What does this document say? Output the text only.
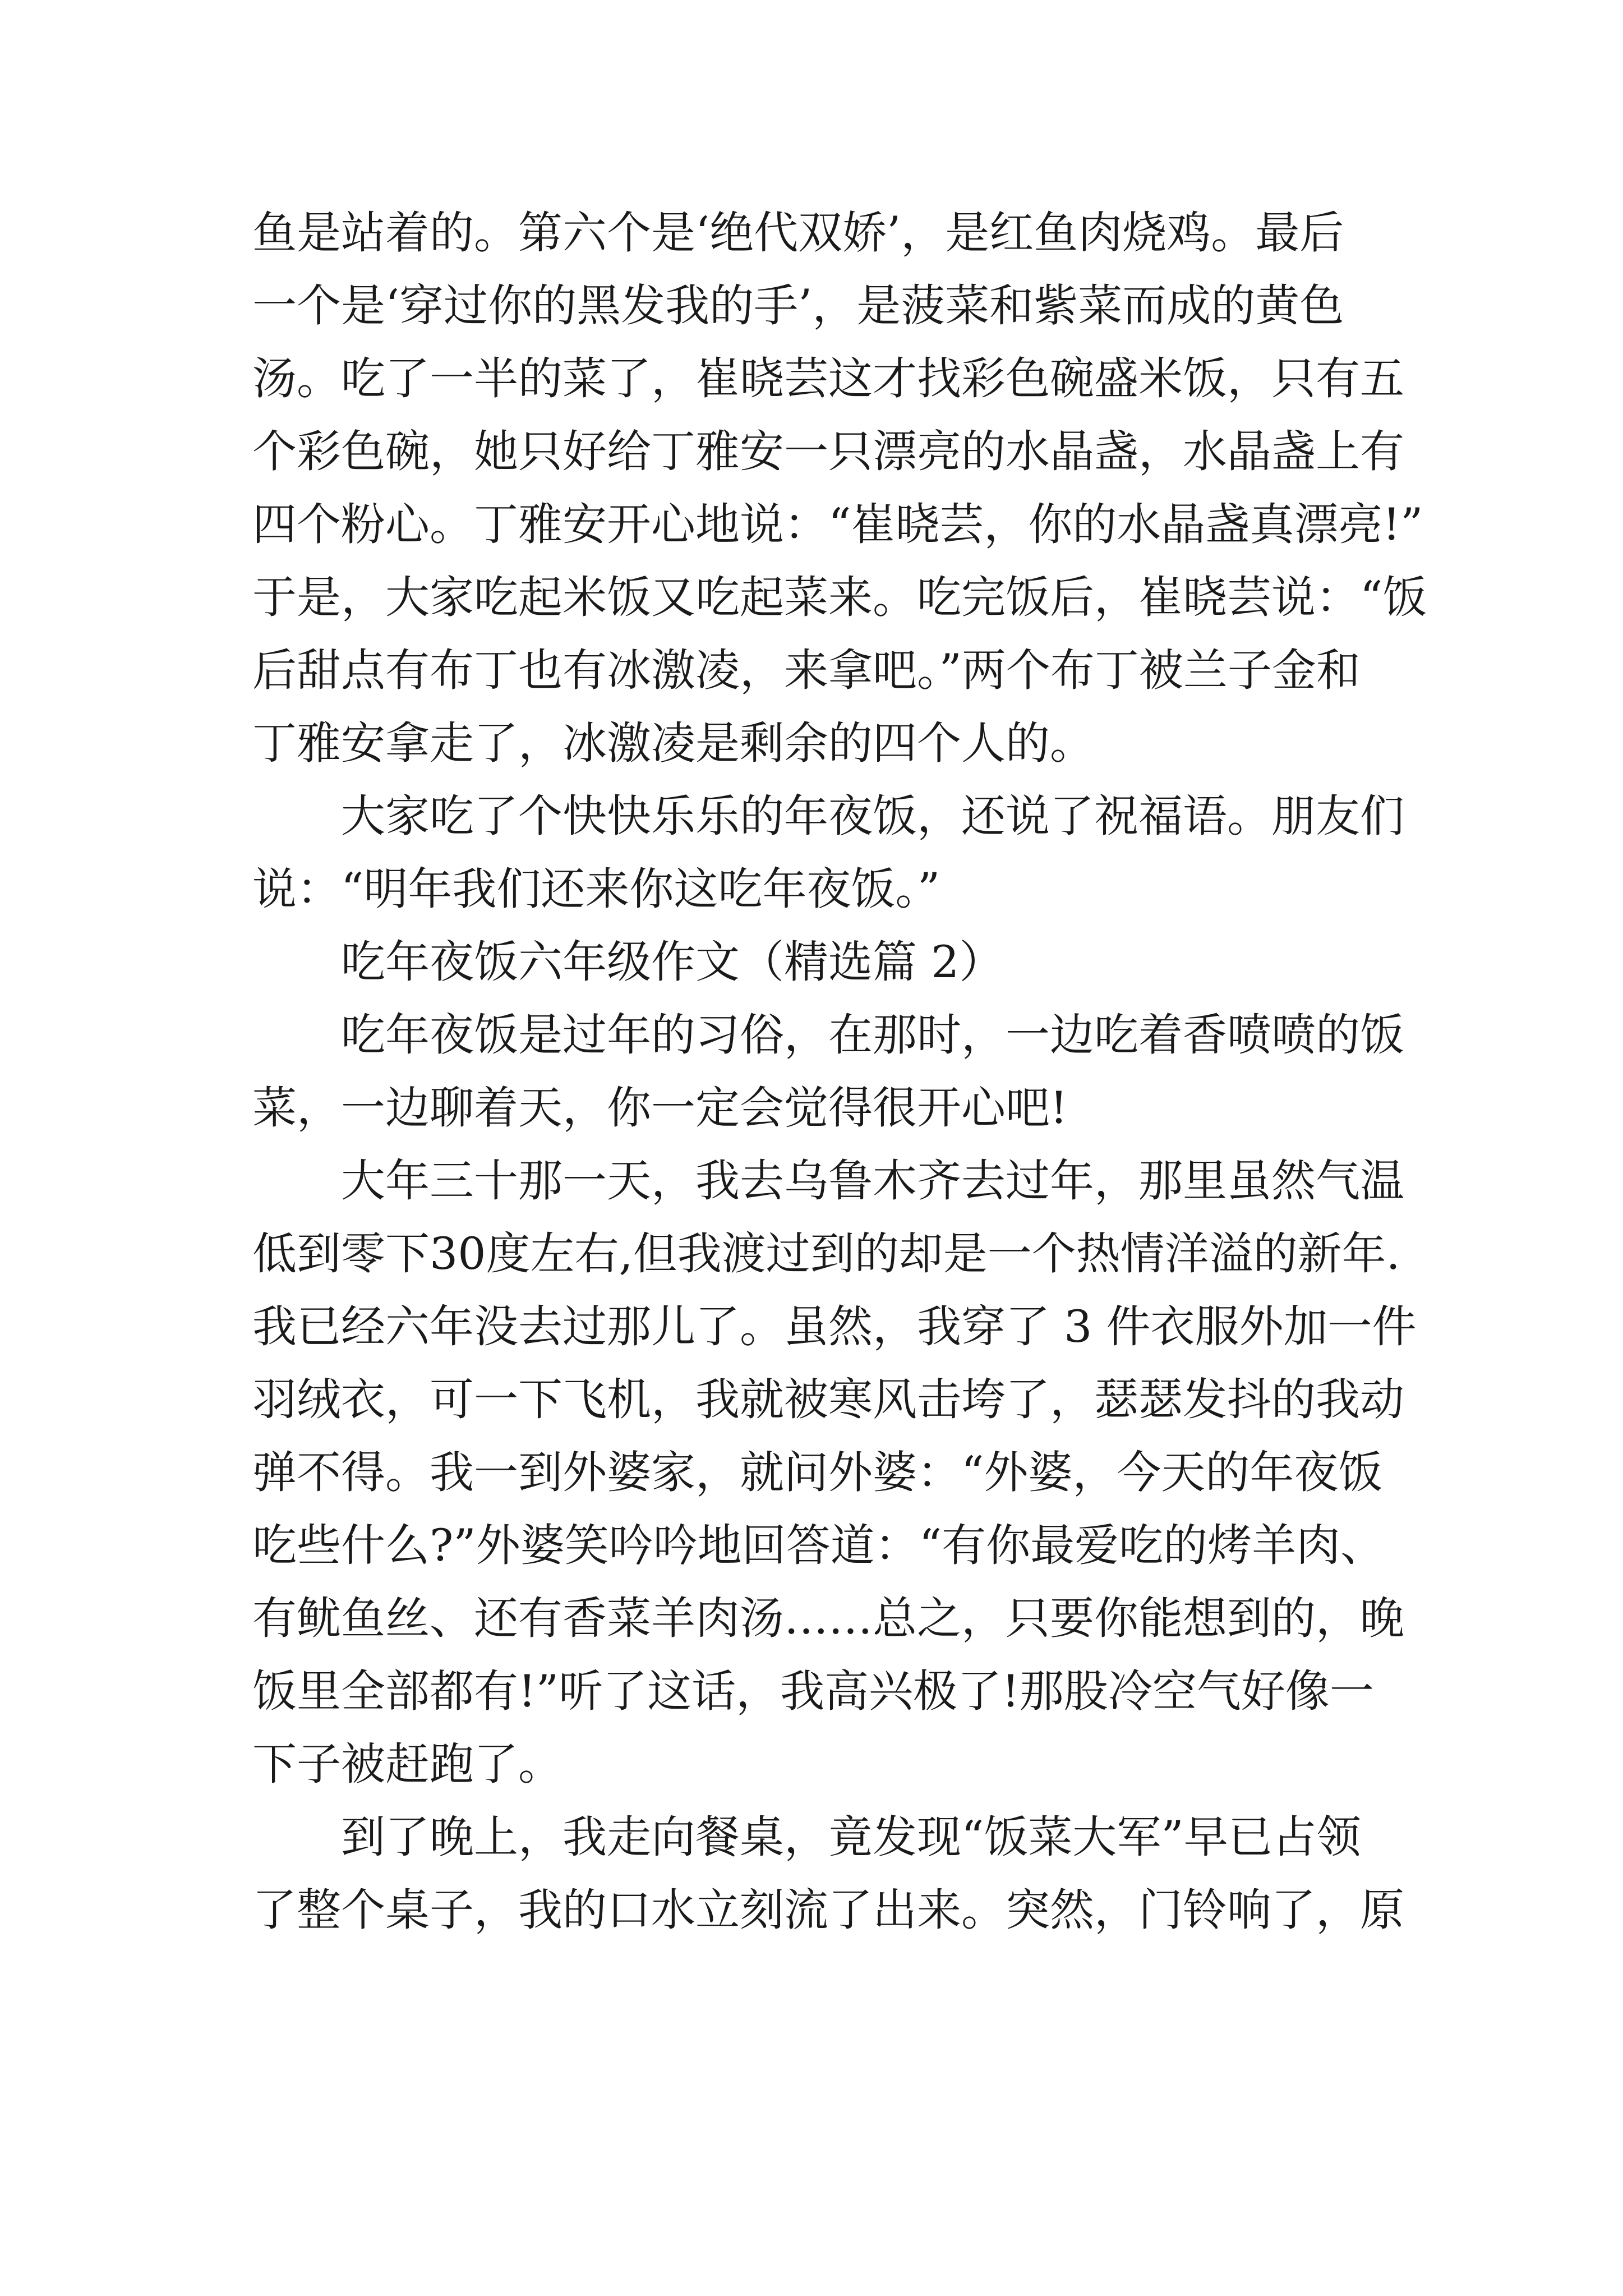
鱼是站着的。第六个是‘绝代双娇’，是红鱼肉烧鸡。最后
一个是‘穿过你的黑发我的手’，是菠菜和紫菜而成的黄色
汤。吃了一半的菜了，崔晓芸这才找彩色碗盛米饭，只有五
个彩色碗，她只好给丁雅安一只漂亮的水晶盏，水晶盏上有
四个粉心。丁雅安开心地说：“崔晓芸，你的水晶盏真漂亮!”
于是，大家吃起米饭又吃起菜来。吃完饭后，崔晓芸说：“饭
后甜点有布丁也有冰激凌，来拿吧。”两个布丁被兰子金和
丁雅安拿走了，冰激凌是剩余的四个人的。
大家吃了个快快乐乐的年夜饭，还说了祝福语。朋友们
说：“明年我们还来你这吃年夜饭。”
吃年夜饭六年级作文（精选篇 2）
吃年夜饭是过年的习俗，在那时，一边吃着香喷喷的饭
菜，一边聊着天，你一定会觉得很开心吧!
大年三十那一天，我去乌鲁木齐去过年，那里虽然气温
低到零下30度左右,但我渡过到的却是一个热情洋溢的新年.
我已经六年没去过那儿了。虽然，我穿了 3 件衣服外加一件
羽绒衣，可一下飞机，我就被寒风击垮了，瑟瑟发抖的我动
弹不得。我一到外婆家，就问外婆：“外婆，今天的年夜饭
吃些什么?”外婆笑吟吟地回答道：“有你最爱吃的烤羊肉、
有鱿鱼丝、还有香菜羊肉汤……总之，只要你能想到的，晚
饭里全部都有!”听了这话，我高兴极了!那股冷空气好像一
下子被赶跑了。
到了晚上，我走向餐桌，竟发现“饭菜大军”早已占领
了整个桌子，我的口水立刻流了出来。突然，门铃响了，原
